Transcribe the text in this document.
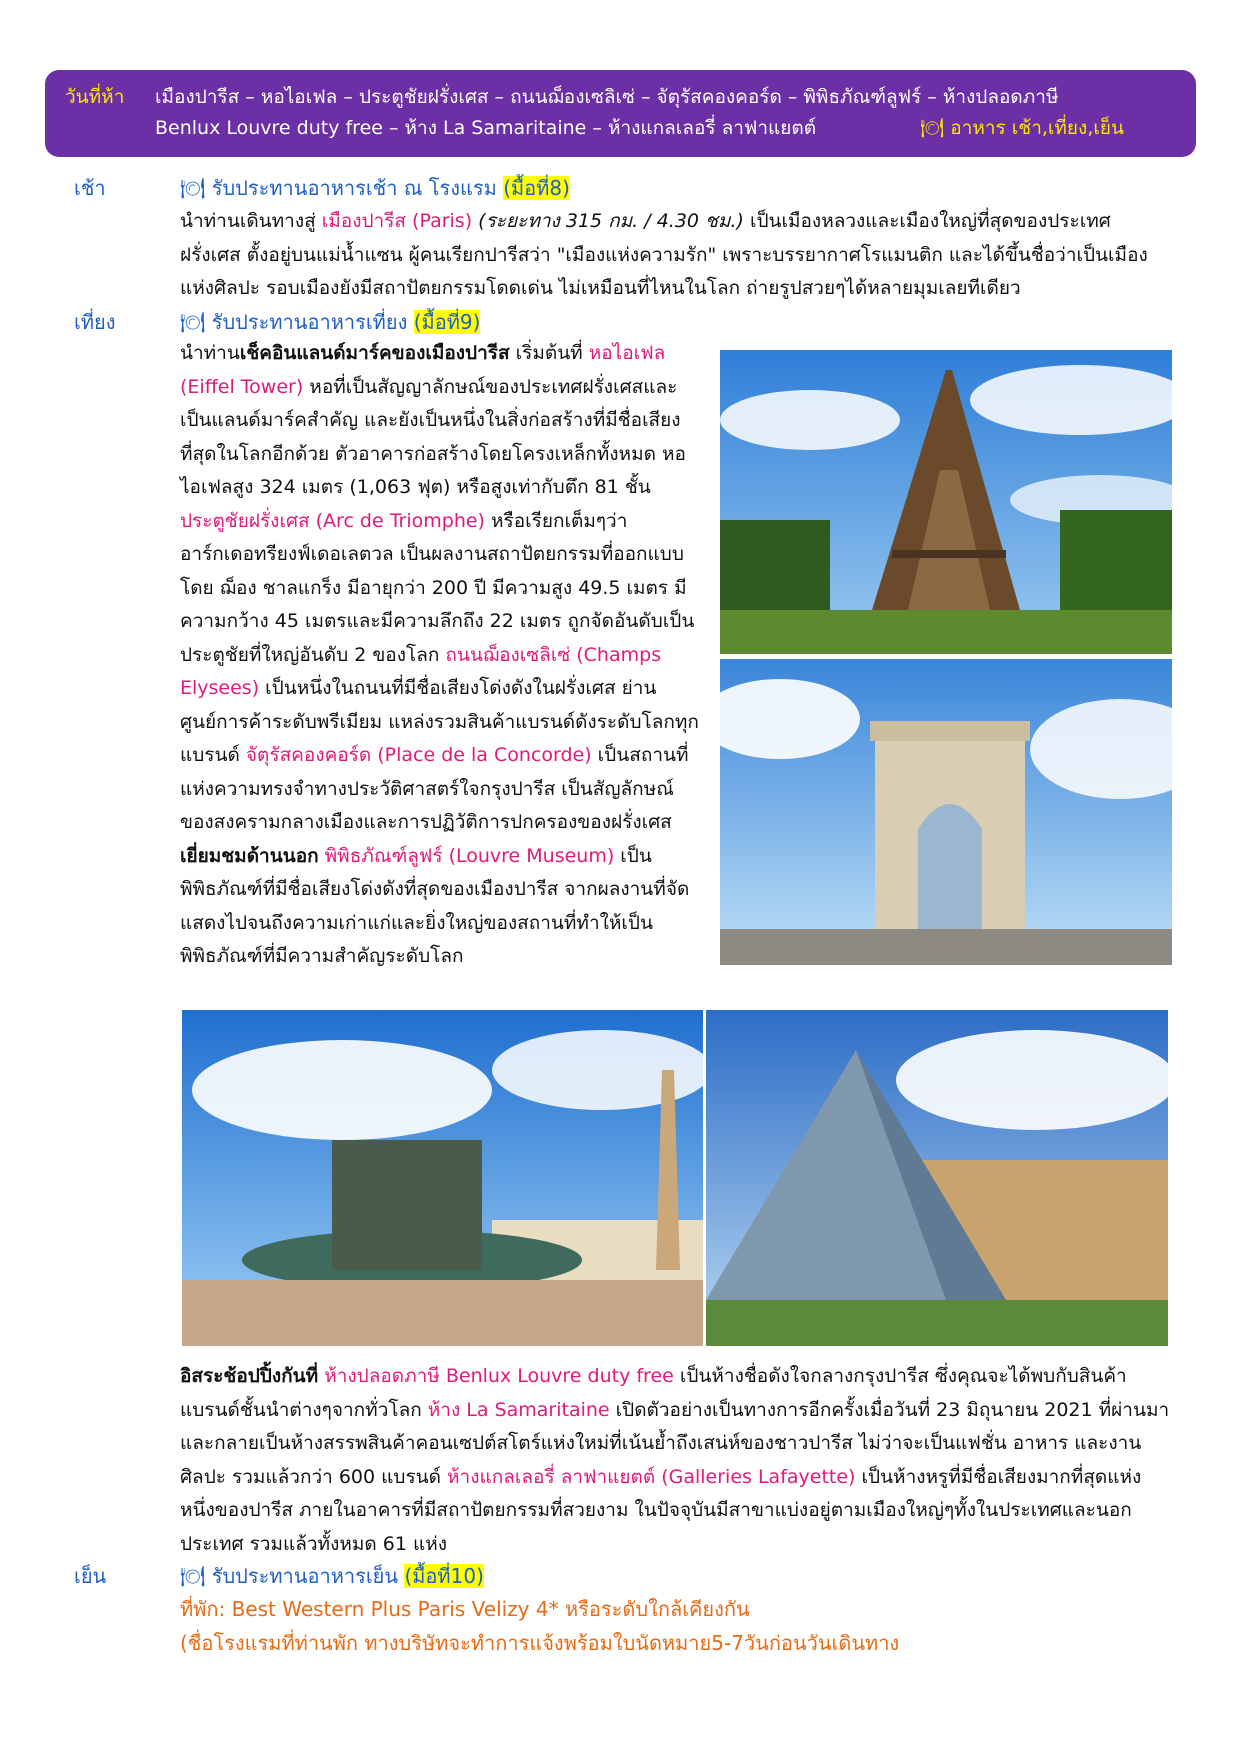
วันที่ห้า เมืองปารีส – หอไอเฟล – ประตูชัยฝรั่งเศส – ถนนฌ็องเซลิเซ่ – จัตุรัสคองคอร์ด – พิพิธภัณฑ์ลูฟร์ – ห้างปลอดภาษี
Benlux Louvre duty free – ห้าง La Samaritaine – ห้างแกลเลอรี่ ลาฟาแยตต์	🍽 อาหาร เช้า,เที่ยง,เย็น
เช้า	🍽 รับประทานอาหารเช้า ณ โรงแรม (มื้อที่8)

นำท่านเดินทางสู่ เมืองปารีส (Paris) (ระยะทาง 315 กม. / 4.30 ชม.) เป็นเมืองหลวงและเมืองใหญ่ที่สุดของประเทศฝรั่งเศส ตั้งอยู่บนแม่น้ำแซน ผู้คนเรียกปารีสว่า "เมืองแห่งความรัก" เพราะบรรยากาศโรแมนติก และได้ขึ้นชื่อว่าเป็นเมืองแห่งศิลปะ รอบเมืองยังมีสถาปัตยกรรมโดดเด่น ไม่เหมือนที่ไหนในโลก ถ่ายรูปสวยๆได้หลายมุมเลยทีเดียว

เที่ยง	🍽 รับประทานอาหารเที่ยง (มื้อที่9)

นำท่านเช็คอินแลนด์มาร์คของเมืองปารีส เริ่มต้นที่ หอไอเฟล (Eiffel Tower) หอที่เป็นสัญญาลักษณ์ของประเทศฝรั่งเศสและเป็นแลนด์มาร์คสำคัญ และยังเป็นหนึ่งในสิ่งก่อสร้างที่มีชื่อเสียงที่สุดในโลกอีกด้วย ตัวอาคารก่อสร้างโดยโครงเหล็กทั้งหมด หอไอเฟลสูง 324 เมตร (1,063 ฟุต) หรือสูงเท่ากับตึก 81 ชั้น ประตูชัยฝรั่งเศส (Arc de Triomphe) หรือเรียกเต็มๆว่า อาร์กเดอทรียงฟ์เดอเลตวล เป็นผลงานสถาปัตยกรรมที่ออกแบบโดย ฌ็อง ชาลแกร็ง มีอายุกว่า 200 ปี มีความสูง 49.5 เมตร มีความกว้าง 45 เมตรและมีความลึกถึง 22 เมตร ถูกจัดอันดับเป็นประตูชัยที่ใหญ่อันดับ 2 ของโลก ถนนฌ็องเซลิเซ่ (Champs Elysees) เป็นหนึ่งในถนนที่มีชื่อเสียงโด่งดังในฝรั่งเศส ย่านศูนย์การค้าระดับพรีเมียม แหล่งรวมสินค้าแบรนด์ดังระดับโลกทุกแบรนด์ จัตุรัสคองคอร์ด (Place de la Concorde) เป็นสถานที่แห่งความทรงจำทางประวัติศาสตร์ใจกรุงปารีส เป็นสัญลักษณ์ของสงครามกลางเมืองและการปฏิวัติการปกครองของฝรั่งเศส เยี่ยมชมด้านนอก พิพิธภัณฑ์ลูฟร์ (Louvre Museum) เป็นพิพิธภัณฑ์ที่มีชื่อเสียงโด่งดังที่สุดของเมืองปารีส จากผลงานที่จัด แสดงไปจนถึงความเก่าแก่และยิ่งใหญ่ของสถานที่ทำให้เป็นพิพิธภัณฑ์ที่มีความสำคัญระดับโลก

อิสระช้อปปิ้งกันที่ ห้างปลอดภาษี Benlux Louvre duty free เป็นห้างชื่อดังใจกลางกรุงปารีส ซึ่งคุณจะได้พบกับสินค้าแบรนด์ชั้นนำต่างๆจากทั่วโลก ห้าง La Samaritaine เปิดตัวอย่างเป็นทางการอีกครั้งเมื่อวันที่ 23 มิถุนายน 2021 ที่ผ่านมา และกลายเป็นห้างสรรพสินค้าคอนเซปต์สโตร์แห่งใหม่ที่เน้นย้ำถึงเสน่ห์ของชาวปารีส ไม่ว่าจะเป็นแฟชั่น อาหาร และงานศิลปะ รวมแล้วกว่า 600 แบรนด์ ห้างแกลเลอรี่ ลาฟาแยตต์ (Galleries Lafayette) เป็นห้างหรูที่มีชื่อเสียงมากที่สุดแห่งหนึ่งของปารีส ภายในอาคารที่มีสถาปัตยกรรมที่สวยงาม ในปัจจุบันมีสาขาแบ่งอยู่ตามเมืองใหญ่ๆทั้งในประเทศและนอกประเทศ รวมแล้วทั้งหมด 61 แห่ง

เย็น	🍽 รับประทานอาหารเย็น (มื้อที่10)
ที่พัก: Best Western Plus Paris Velizy 4* หรือระดับใกล้เคียงกัน
(ชื่อโรงแรมที่ท่านพัก ทางบริษัทจะทำการแจ้งพร้อมใบนัดหมาย5-7วันก่อนวันเดินทาง
